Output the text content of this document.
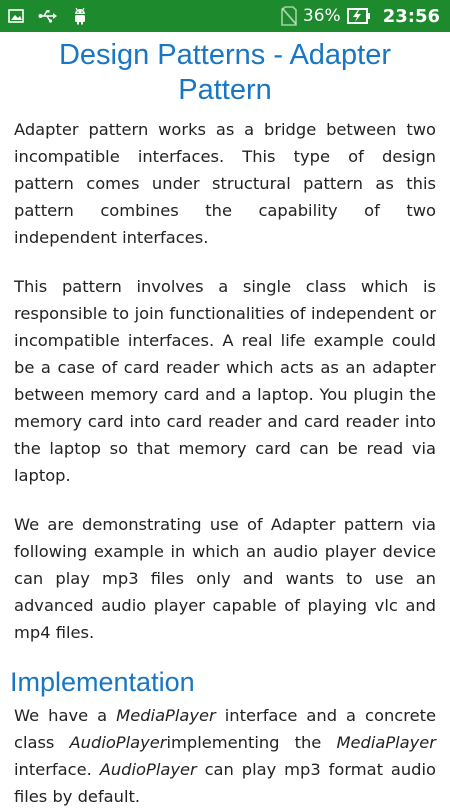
36% 23:56
Design Patterns - Adapter Pattern

Adapter pattern works as a bridge between two incompatible interfaces. This type of design pattern comes under structural pattern as this pattern combines the capability of two independent interfaces.

This pattern involves a single class which is responsible to join functionalities of independent or incompatible interfaces. A real life example could be a case of card reader which acts as an adapter between memory card and a laptop. You plugin the memory card into card reader and card reader into the laptop so that memory card can be read via laptop.

We are demonstrating use of Adapter pattern via following example in which an audio player device can play mp3 files only and wants to use an advanced audio player capable of playing vlc and mp4 files.

Implementation

We have a MediaPlayer interface and a concrete class AudioPlayerimplementing the MediaPlayer interface. AudioPlayer can play mp3 format audio files by default.
